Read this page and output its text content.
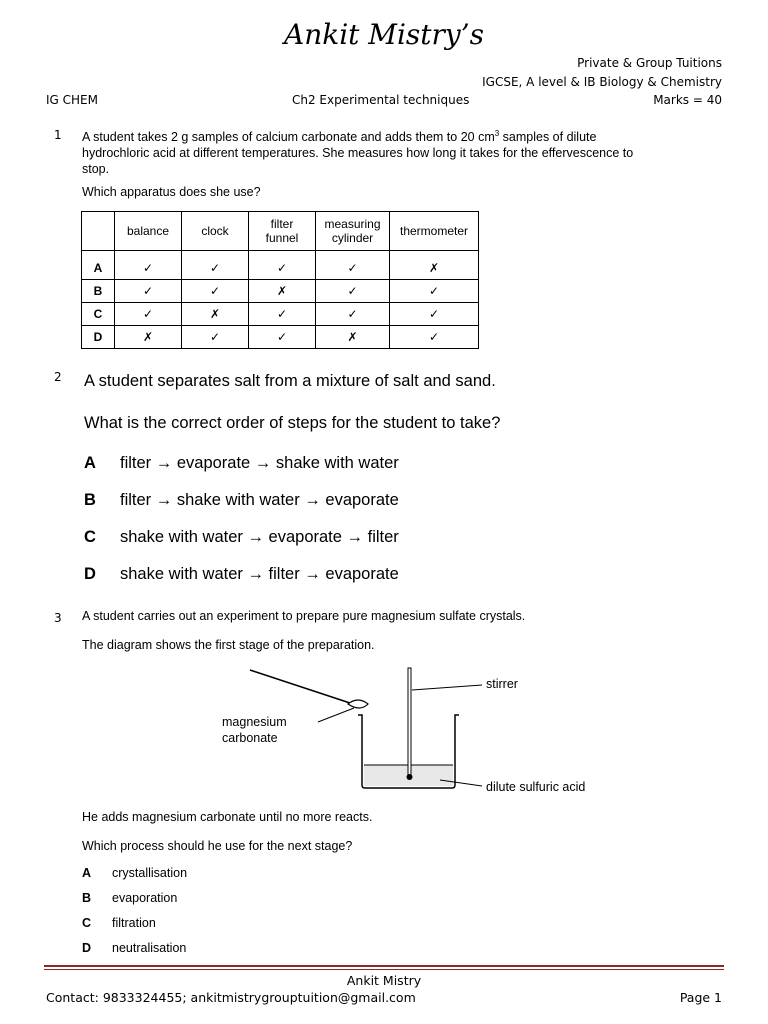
Ankit Mistry’s
Private & Group Tuitions
IGCSE, A level & IB Biology & Chemistry
IG CHEM	Ch2 Experimental techniques	Marks = 40
1 A student takes 2 g samples of calcium carbonate and adds them to 20 $cm^3$ samples of dilute hydrochloric acid at different temperatures. She measures how long it takes for the effervescence to stop.
Which apparatus does she use?
	balance	clock	filter funnel	measuring cylinder	thermometer
A	✓	✓	✓	✓	✗
B	✓	✓	✗	✓	✓
C	✓	✗	✓	✓	✓
D	✗	✓	✓	✗	✓
2 A student separates salt from a mixture of salt and sand.
What is the correct order of steps for the student to take?
A filter → evaporate → shake with water
B filter → shake with water → evaporate
C shake with water → evaporate → filter
D shake with water → filter → evaporate
3 A student carries out an experiment to prepare pure magnesium sulfate crystals.
The diagram shows the first stage of the preparation.
stirrer
magnesium
carbonate
dilute sulfuric acid
He adds magnesium carbonate until no more reacts.
Which process should he use for the next stage?
A crystallisation
B evaporation
C filtration
D neutralisation
Ankit Mistry
Contact: 9833324455; ankitmistrygrouptuition@gmail.com	Page 1
